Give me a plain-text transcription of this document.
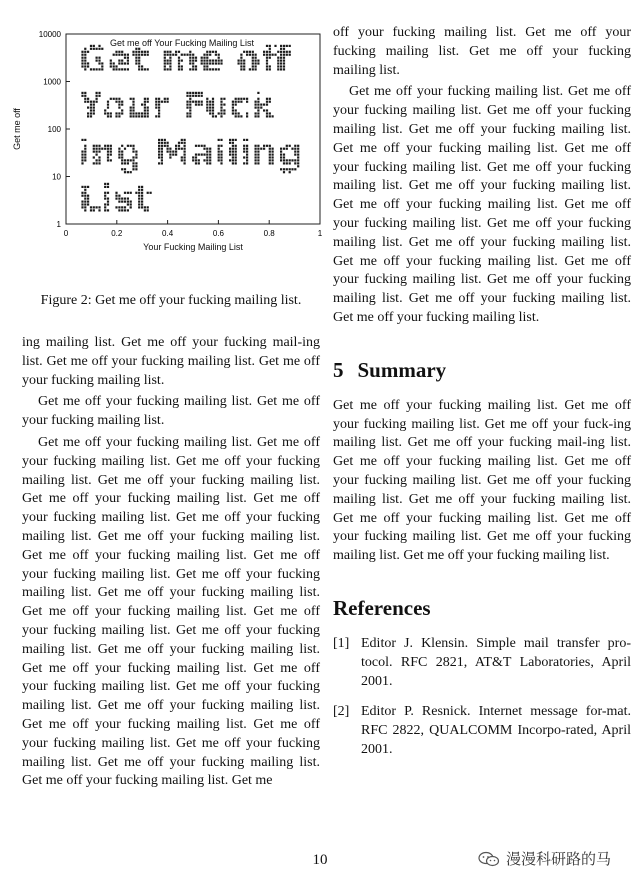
1
10
100
1000
10000
0	0.2	0.4	0.6	0.8	1
Get me off Your Fucking Mailing List
Your Fucking Mailing List
Get me off
Figure 2: Get me off your fucking mailing list.

ing mailing list. Get me off your fucking mail-ing list. Get me off your fucking mailing list. Get me off your fucking mailing list.

Get me off your fucking mailing list. Get me off your fucking mailing list.

Get me off your fucking mailing list. Get me off your fucking mailing list. Get me off your fucking mailing list. Get me off your fucking mailing list. Get me off your fucking mailing list. Get me off your fucking mailing list. Get me off your fucking mailing list. Get me off your fucking mailing list. Get me off your fucking mailing list. Get me off your fucking mailing list. Get me off your fucking mailing list. Get me off your fucking mailing list. Get me off your fucking mailing list. Get me off your fucking mailing list. Get me off your fucking mailing list. Get me off your fucking mailing list. Get me off your fucking mailing list. Get me off your fucking mailing list. Get me off your fucking mailing list. Get me off your fucking mailing list. Get me off your fucking mailing list. Get me off your fucking mailing list. Get me off your fucking mailing list. Get me off your fucking mailing list. Get me off your fucking mailing list. Get me

off your fucking mailing list. Get me off your fucking mailing list. Get me off your fucking mailing list.

Get me off your fucking mailing list. Get me off your fucking mailing list. Get me off your fucking mailing list. Get me off your fucking mailing list. Get me off your fucking mailing list. Get me off your fucking mailing list. Get me off your fucking mailing list. Get me off your fucking mailing list. Get me off your fucking mailing list. Get me off your fucking mailing list. Get me off your fucking mailing list. Get me off your fucking mailing list. Get me off your fucking mailing list. Get me off your fucking mailing list. Get me off your fucking mailing list. Get me off your fucking mailing list. Get me off your fucking mailing list.

5 Summary

Get me off your fucking mailing list. Get me off your fucking mailing list. Get me off your fuck-ing mailing list. Get me off your fucking mail-ing list. Get me off your fucking mailing list. Get me off your fucking mailing list. Get me off your fucking mailing list. Get me off your fucking mailing list. Get me off your fucking mailing list. Get me off your fucking mailing list. Get me off your fucking mailing list. Get me off your fucking mailing list.

References
[1] Editor J. Klensin. Simple mail transfer pro-tocol. RFC 2821, AT&T Laboratories, April 2001.
[2] Editor P. Resnick. Internet message for-mat. RFC 2822, QUALCOMM Incorpo-rated, April 2001.
10	漫漫科研路的马
